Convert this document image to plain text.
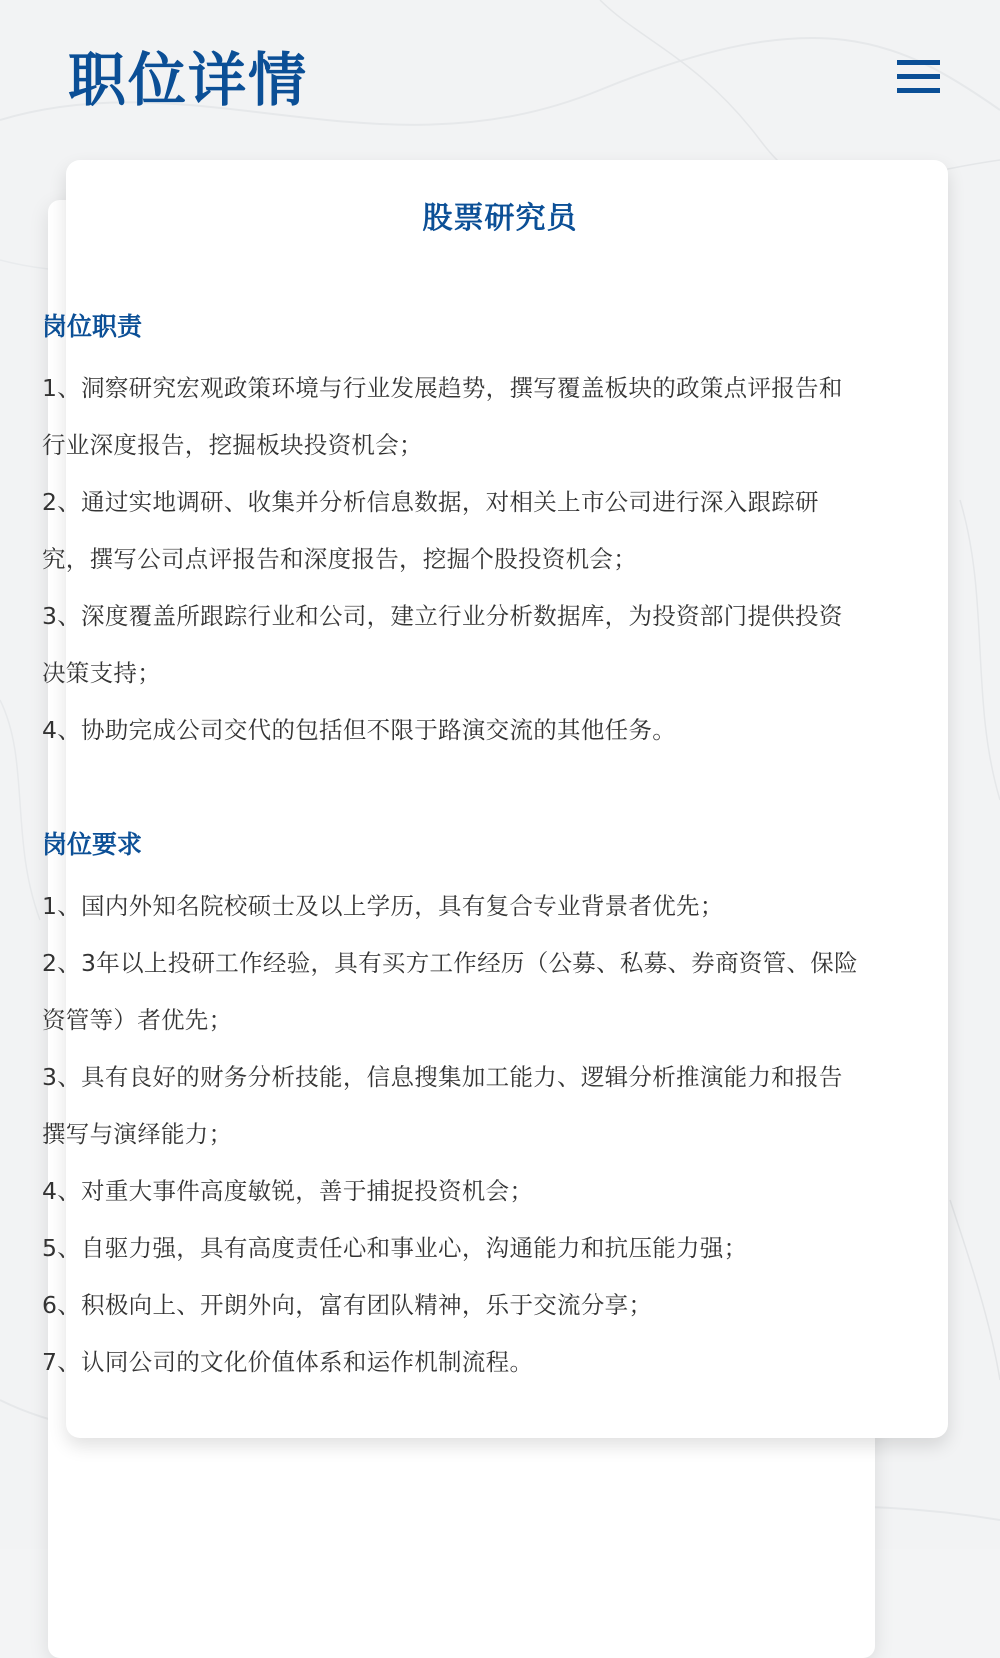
职位详情
股票研究员
岗位职责

1、洞察研究宏观政策环境与行业发展趋势，撰写覆盖板块的政策点评报告和行业深度报告，挖掘板块投资机会；

2、通过实地调研、收集并分析信息数据，对相关上市公司进行深入跟踪研究，撰写公司点评报告和深度报告，挖掘个股投资机会；

3、深度覆盖所跟踪行业和公司，建立行业分析数据库，为投资部门提供投资决策支持；

4、协助完成公司交代的包括但不限于路演交流的其他任务。

岗位要求

1、国内外知名院校硕士及以上学历，具有复合专业背景者优先；

2、3年以上投研工作经验，具有买方工作经历（公募、私募、券商资管、保险资管等）者优先；

3、具有良好的财务分析技能，信息搜集加工能力、逻辑分析推演能力和报告撰写与演绎能力；

4、对重大事件高度敏锐，善于捕捉投资机会；

5、自驱力强，具有高度责任心和事业心，沟通能力和抗压能力强；

6、积极向上、开朗外向，富有团队精神，乐于交流分享；

7、认同公司的文化价值体系和运作机制流程。
